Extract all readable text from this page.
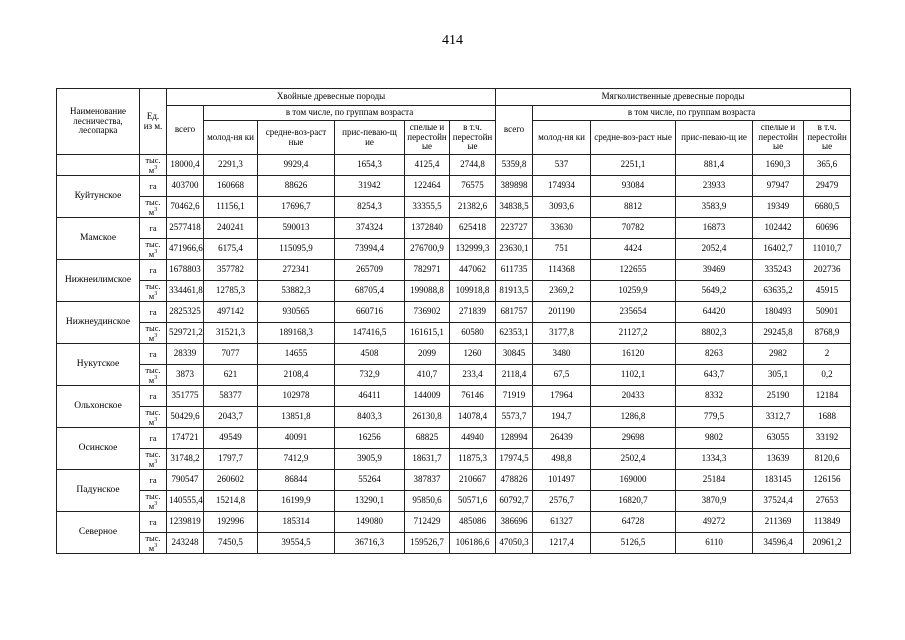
414
Наименование лесничества, лесопарка	Ед. из м.	Хвойные древесные породы						Мягколиственные древесные породы					
		всего	в том числе, по группам возраста					всего	в том числе, по группам возраста				
			молод-ня ки	средне-воз-раст ные	прис-певаю-щ ие	спелые и перестойн ые	в т.ч. перестойн ые		молод-ня ки	средне-воз-раст ные	прис-певаю-щ ие	спелые и перестойн ые	в т.ч. перестойн ые
	тыс. $м^3$	18000,4	2291,3	9929,4	1654,3	4125,4	2744,8	5359,8	537	2251,1	881,4	1690,3	365,6
Куйтунское	га	403700	160668	88626	31942	122464	76575	389898	174934	93084	23933	97947	29479
	тыс. $м^3$	70462,6	11156,1	17696,7	8254,3	33355,5	21382,6	34838,5	3093,6	8812	3583,9	19349	6680,5
Мамское	га	2577418	240241	590013	374324	1372840	625418	223727	33630	70782	16873	102442	60696
	тыс. $м^3$	471966,6	6175,4	115095,9	73994,4	276700,9	132999,3	23630,1	751	4424	2052,4	16402,7	11010,7
Нижнеилимское	га	1678803	357782	272341	265709	782971	447062	611735	114368	122655	39469	335243	202736
	тыс. $м^3$	334461,8	12785,3	53882,3	68705,4	199088,8	109918,8	81913,5	2369,2	10259,9	5649,2	63635,2	45915
Нижнеудинское	га	2825325	497142	930565	660716	736902	271839	681757	201190	235654	64420	180493	50901
	тыс. $м^3$	529721,2	31521,3	189168,3	147416,5	161615,1	60580	62353,1	3177,8	21127,2	8802,3	29245,8	8768,9
Нукутское	га	28339	7077	14655	4508	2099	1260	30845	3480	16120	8263	2982	2
	тыс. $м^3$	3873	621	2108,4	732,9	410,7	233,4	2118,4	67,5	1102,1	643,7	305,1	0,2
Ольхонское	га	351775	58377	102978	46411	144009	76146	71919	17964	20433	8332	25190	12184
	тыс. $м^3$	50429,6	2043,7	13851,8	8403,3	26130,8	14078,4	5573,7	194,7	1286,8	779,5	3312,7	1688
Осинское	га	174721	49549	40091	16256	68825	44940	128994	26439	29698	9802	63055	33192
	тыс. $м^3$	31748,2	1797,7	7412,9	3905,9	18631,7	11875,3	17974,5	498,8	2502,4	1334,3	13639	8120,6
Падунское	га	790547	260602	86844	55264	387837	210667	478826	101497	169000	25184	183145	126156
	тыс. $м^3$	140555,4	15214,8	16199,9	13290,1	95850,6	50571,6	60792,7	2576,7	16820,7	3870,9	37524,4	27653
Северное	га	1239819	192996	185314	149080	712429	485086	386696	61327	64728	49272	211369	113849
	тыс. $м^3$	243248	7450,5	39554,5	36716,3	159526,7	106186,6	47050,3	1217,4	5126,5	6110	34596,4	20961,2
